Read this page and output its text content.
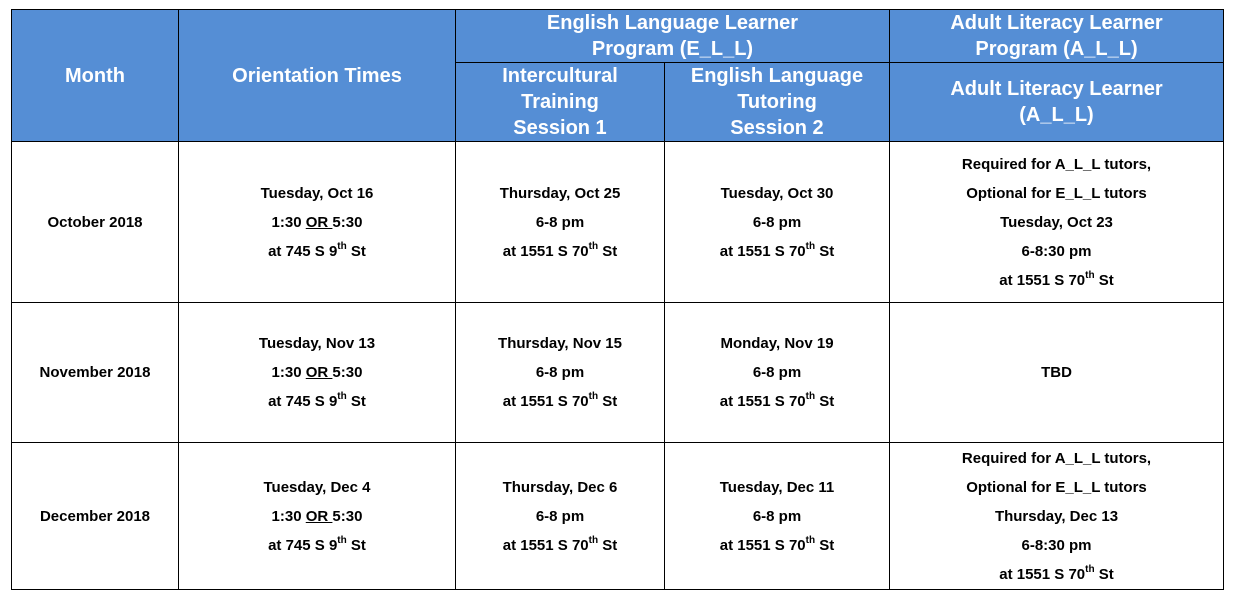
Month	Orientation Times	English Language Learner
Program (E_L_L)		Adult Literacy Learner
Program (A_L_L)

		Intercultural
Training
Session 1	English Language
Tutoring
Session 2	Adult Literacy Learner
(A_L_L)

October 2018	Tuesday, Oct 16
1:30 OR 5:30
at 745 S 9th St	Thursday, Oct 25
6-8 pm
at 1551 S 70th St	Tuesday, Oct 30
6-8 pm
at 1551 S 70th St	Required for A_L_L tutors,
Optional for E_L_L tutors
Tuesday, Oct 23
6-8:30 pm
at 1551 S 70th St

November 2018	Tuesday, Nov 13
1:30 OR 5:30
at 745 S 9th St	Thursday, Nov 15
6-8 pm
at 1551 S 70th St	Monday, Nov 19
6-8 pm
at 1551 S 70th St	TBD

December 2018	Tuesday, Dec 4
1:30 OR 5:30
at 745 S 9th St	Thursday, Dec 6
6-8 pm
at 1551 S 70th St	Tuesday, Dec 11
6-8 pm
at 1551 S 70th St	Required for A_L_L tutors,
Optional for E_L_L tutors
Thursday, Dec 13
6-8:30 pm
at 1551 S 70th St
